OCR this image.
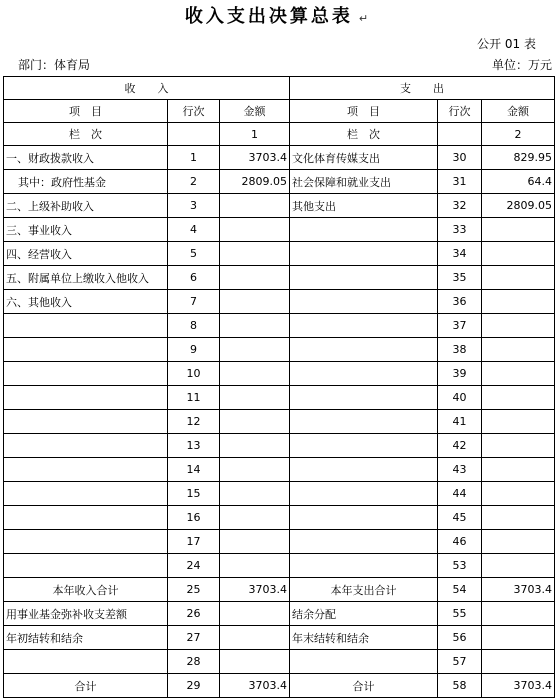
收入支出决算总表 ↵
公开 01 表
部门：体育局	单位：万元
收　　入			支　　出		
项　目	行次	金额	项　目	行次	金额
栏　次		1	栏　次		2
一、财政拨款收入	1	3703.4	文化体育传媒支出	30	829.95
其中：政府性基金	2	2809.05	社会保障和就业支出	31	64.4
二、上级补助收入	3		其他支出	32	2809.05
三、事业收入	4			33	
四、经营收入	5			34	
五、附属单位上缴收入他收入	6			35	
六、其他收入	7			36	
	8			37	
	9			38	
	10			39	
	11			40	
	12			41	
	13			42	
	14			43	
	15			44	
	16			45	
	17			46	
	24			53	
本年收入合计	25	3703.4	本年支出合计	54	3703.4
用事业基金弥补收支差额	26		结余分配	55	
年初结转和结余	27		年末结转和结余	56	
	28			57	
合计	29	3703.4	合计	58	3703.4
